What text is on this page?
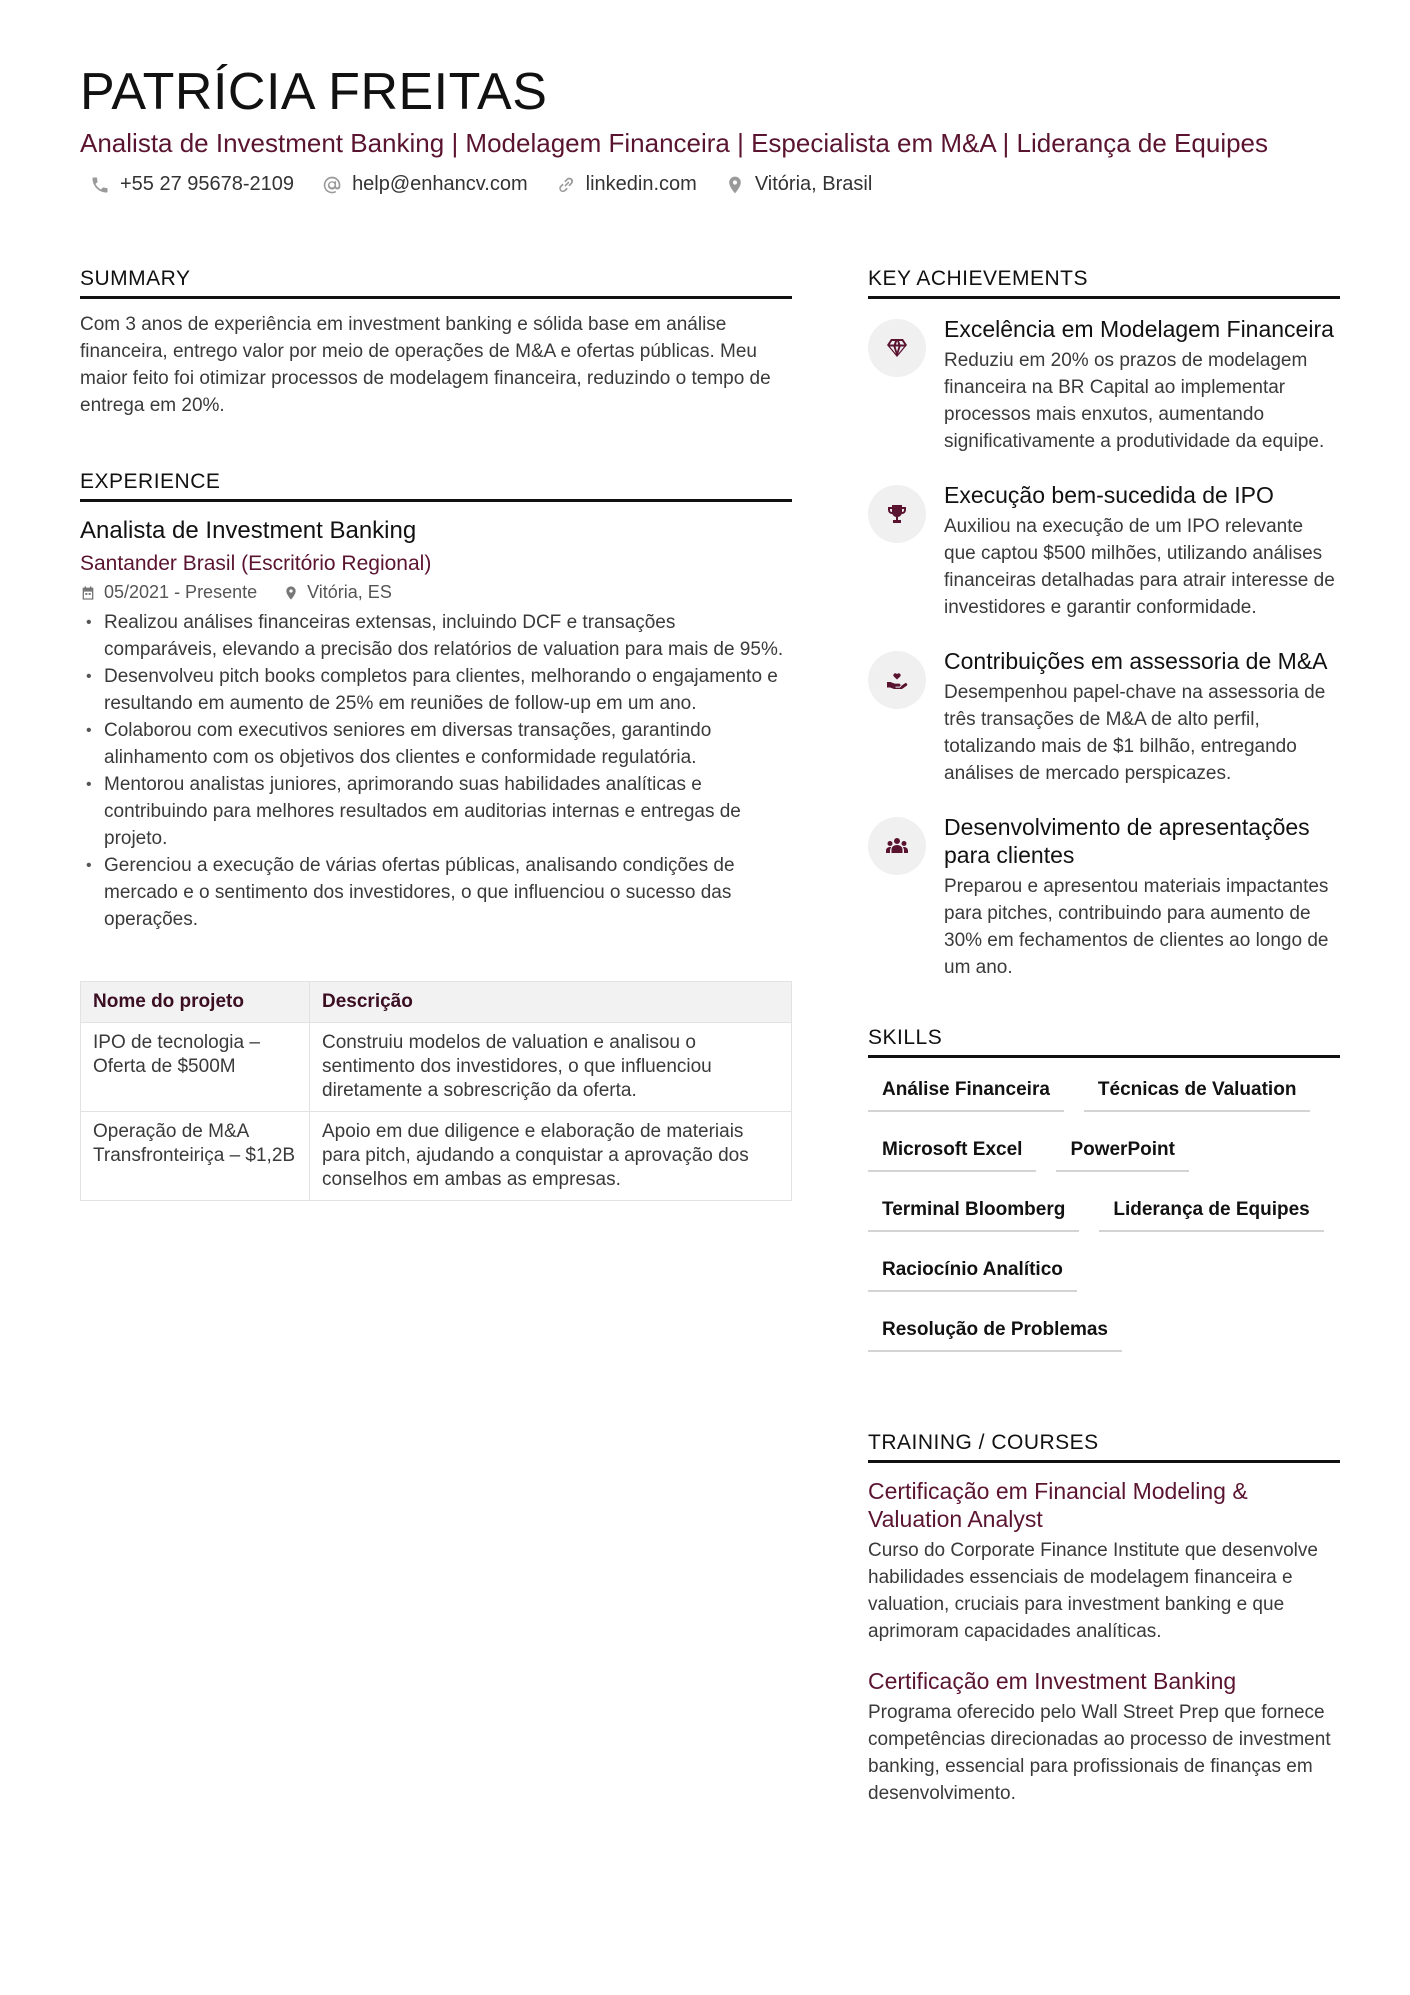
PATRÍCIA FREITAS
Analista de Investment Banking | Modelagem Financeira | Especialista em M&A | Liderança de Equipes
+55 27 95678-2109	help@enhancv.com	linkedin.com	Vitória, Brasil
SUMMARY
Com 3 anos de experiência em investment banking e sólida base em análise financeira, entrego valor por meio de operações de M&A e ofertas públicas. Meu maior feito foi otimizar processos de modelagem financeira, reduzindo o tempo de entrega em 20%.
EXPERIENCE
Analista de Investment Banking
Santander Brasil (Escritório Regional)
05/2021 - Presente	Vitória, ES
• Realizou análises financeiras extensas, incluindo DCF e transações comparáveis, elevando a precisão dos relatórios de valuation para mais de 95%.
• Desenvolveu pitch books completos para clientes, melhorando o engajamento e resultando em aumento de 25% em reuniões de follow-up em um ano.
• Colaborou com executivos seniores em diversas transações, garantindo alinhamento com os objetivos dos clientes e conformidade regulatória.
• Mentorou analistas juniores, aprimorando suas habilidades analíticas e contribuindo para melhores resultados em auditorias internas e entregas de projeto.
• Gerenciou a execução de várias ofertas públicas, analisando condições de mercado e o sentimento dos investidores, o que influenciou o sucesso das operações.
Nome do projeto	Descrição
IPO de tecnologia – Oferta de $500M	Construiu modelos de valuation e analisou o sentimento dos investidores, o que influenciou diretamente a sobrescrição da oferta.
Operação de M&A Transfronteiriça – $1,2B	Apoio em due diligence e elaboração de materiais para pitch, ajudando a conquistar a aprovação dos conselhos em ambas as empresas.
KEY ACHIEVEMENTS
Excelência em Modelagem Financeira
Reduziu em 20% os prazos de modelagem financeira na BR Capital ao implementar processos mais enxutos, aumentando significativamente a produtividade da equipe.
Execução bem-sucedida de IPO
Auxiliou na execução de um IPO relevante que captou $500 milhões, utilizando análises financeiras detalhadas para atrair interesse de investidores e garantir conformidade.
Contribuições em assessoria de M&A
Desempenhou papel-chave na assessoria de três transações de M&A de alto perfil, totalizando mais de $1 bilhão, entregando análises de mercado perspicazes.
Desenvolvimento de apresentações para clientes
Preparou e apresentou materiais impactantes para pitches, contribuindo para aumento de 30% em fechamentos de clientes ao longo de um ano.
SKILLS
Análise Financeira	Técnicas de Valuation
Microsoft Excel	PowerPoint
Terminal Bloomberg	Liderança de Equipes
Raciocínio Analítico
Resolução de Problemas
TRAINING / COURSES
Certificação em Financial Modeling & Valuation Analyst
Curso do Corporate Finance Institute que desenvolve habilidades essenciais de modelagem financeira e valuation, cruciais para investment banking e que aprimoram capacidades analíticas.
Certificação em Investment Banking
Programa oferecido pelo Wall Street Prep que fornece competências direcionadas ao processo de investment banking, essencial para profissionais de finanças em desenvolvimento.
